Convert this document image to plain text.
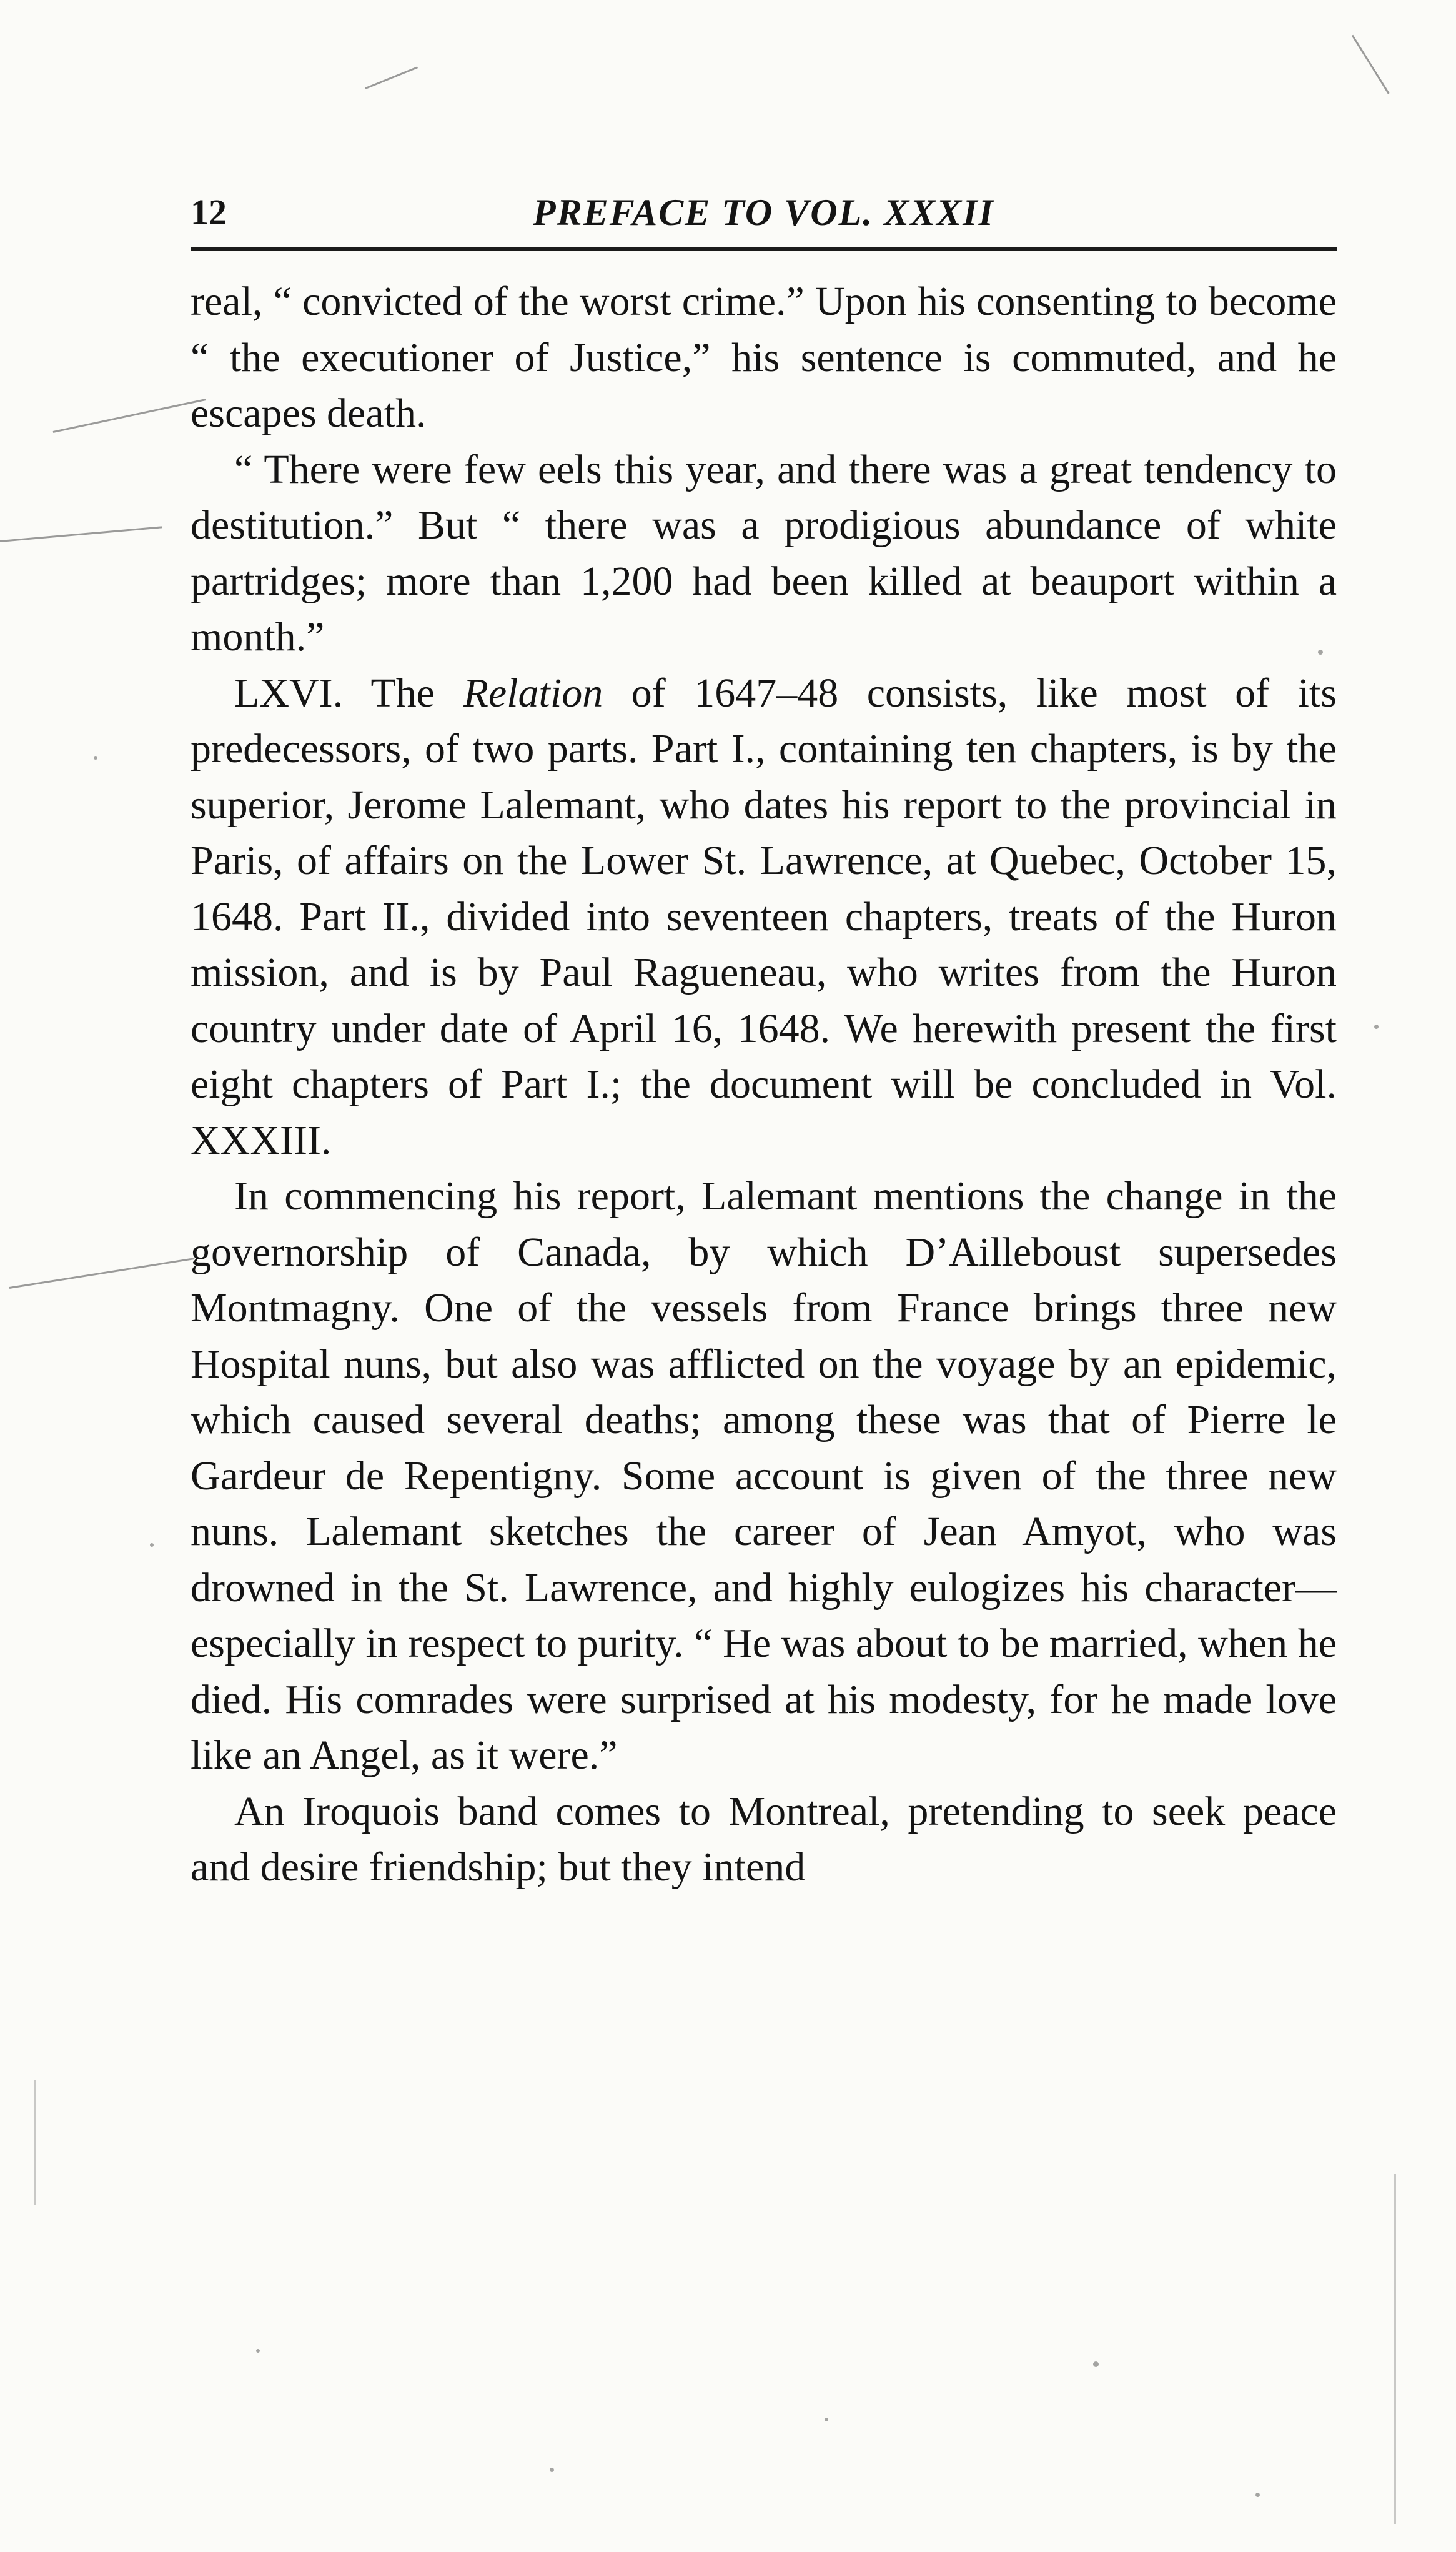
12	PREFACE TO VOL. XXXII

real, “ convicted of the worst crime.” Upon his consenting to become “ the executioner of Justice,” his sentence is commuted, and he escapes death.

“ There were few eels this year, and there was a great tendency to destitution.” But “ there was a prodigious abundance of white partridges; more than 1,200 had been killed at beauport within a month.”

LXVI. The Relation of 1647–48 consists, like most of its predecessors, of two parts. Part I., containing ten chapters, is by the superior, Jerome Lalemant, who dates his report to the provincial in Paris, of affairs on the Lower St. Lawrence, at Quebec, October 15, 1648. Part II., divided into seventeen chapters, treats of the Huron mission, and is by Paul Ragueneau, who writes from the Huron country under date of April 16, 1648. We herewith present the first eight chapters of Part I.; the document will be concluded in Vol. XXXIII.

In commencing his report, Lalemant mentions the change in the governorship of Canada, by which D’Ailleboust supersedes Montmagny. One of the vessels from France brings three new Hospital nuns, but also was afflicted on the voyage by an epidemic, which caused several deaths; among these was that of Pierre le Gardeur de Repentigny. Some account is given of the three new nuns. Lalemant sketches the career of Jean Amyot, who was drowned in the St. Lawrence, and highly eulogizes his character— especially in respect to purity. “ He was about to be married, when he died. His comrades were surprised at his modesty, for he made love like an Angel, as it were.”

An Iroquois band comes to Montreal, pretending to seek peace and desire friendship; but they intend
